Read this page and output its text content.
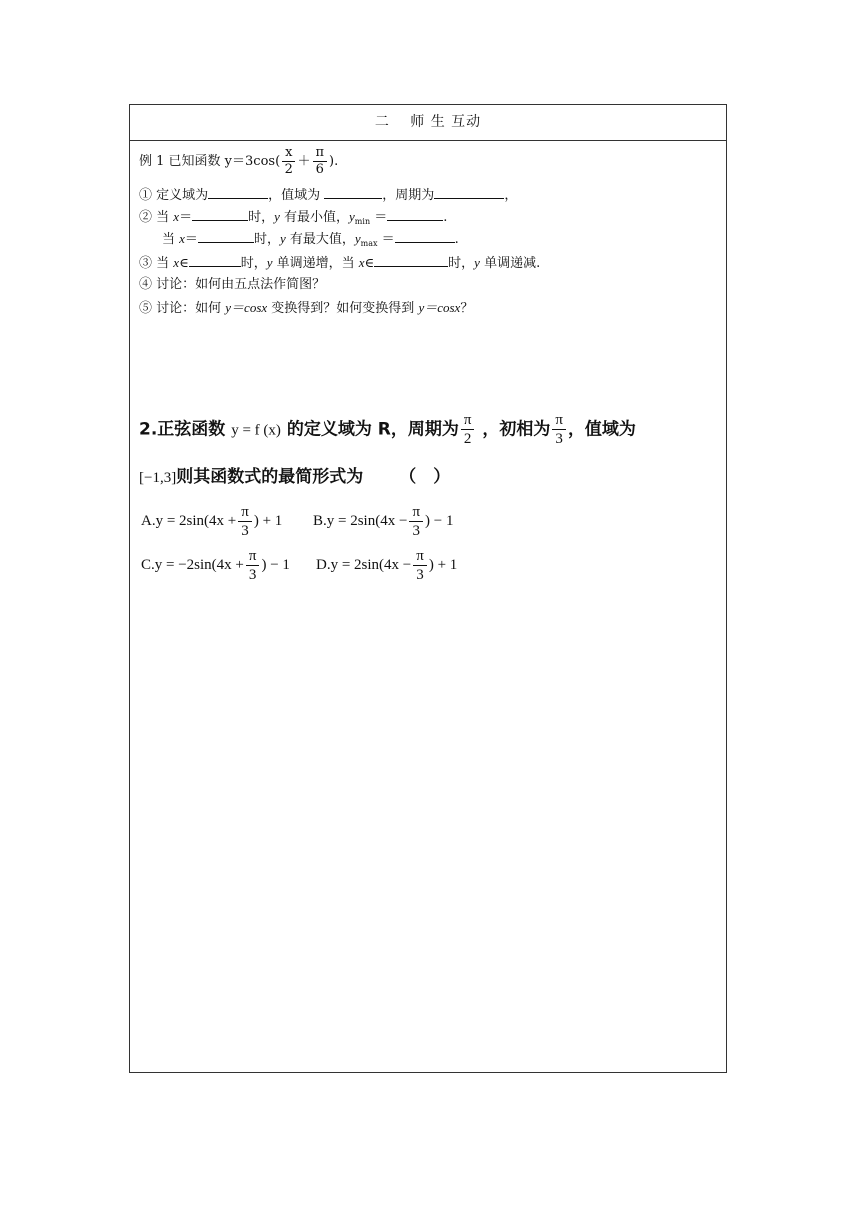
二　 师 生 互动
例 1 已知函数 $y=3\cos( \frac{x}{2} + \frac{\pi}{6}$ ).
① 定义域为	，值域为	，周期为	，
② 当 x＝	时，y 有最小值，$y_{min}$ ＝	.
当 x＝	时，y 有最大值，$y_{max}$ ＝	.
③ 当 x∈	时，y 单调递增，当 x∈	时，y 单调递减.
④ 讨论：如何由五点法作简图？
⑤ 讨论：如何 y＝cosx 变换得到？如何变换得到 y＝cosx？
2.正弦函数 y = f (x) 的定义域为 R，周期为 $\frac{\pi}{2}$ ，初相为 $\frac{\pi}{3}$ ，值域为
[−1,3]则其函数式的最简形式为 （　）
$A.y = 2\sin(4x + \frac{\pi}{3}$ ) + 1 $B.y = 2\sin(4x - \frac{\pi}{3}$ ) − 1
$C.y = -2\sin(4x + \frac{\pi}{3}$ ) − 1 $D.y = 2\sin(4x - \frac{\pi}{3}$ ) + 1
